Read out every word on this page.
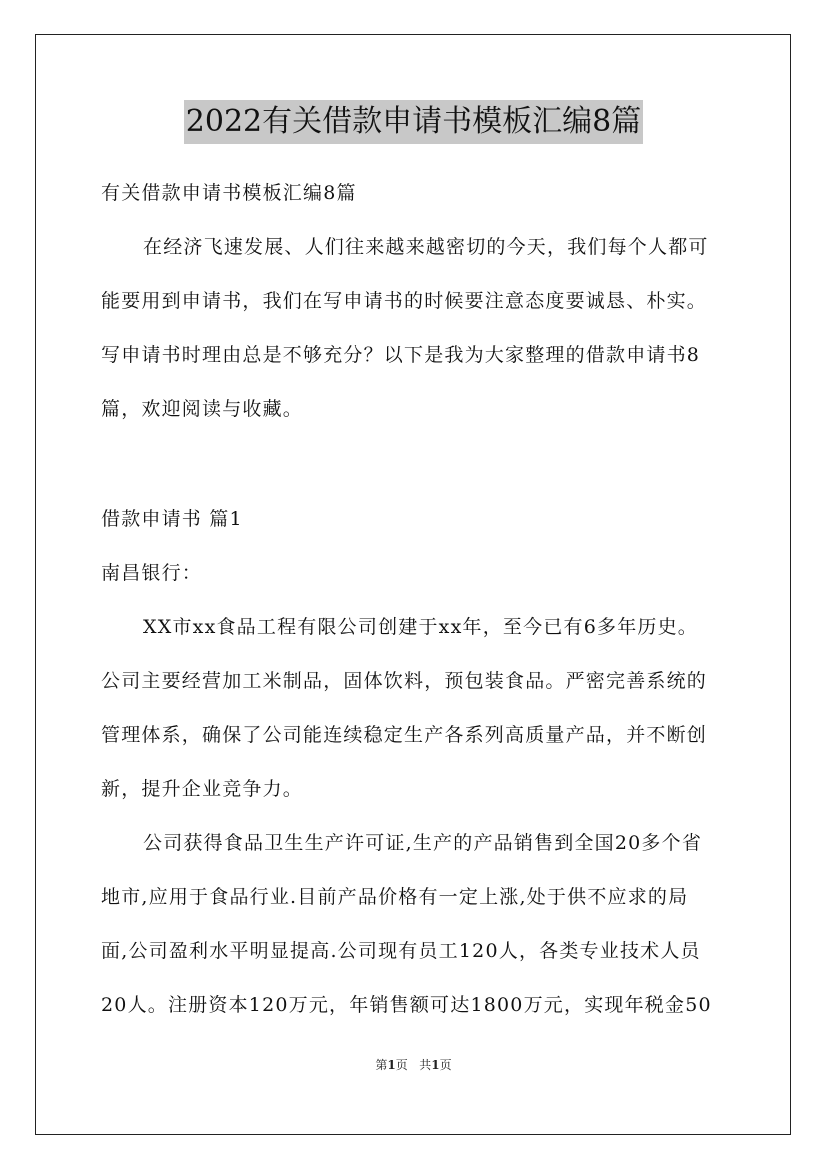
2022有关借款申请书模板汇编8篇
有关借款申请书模板汇编8篇
在经济飞速发展、人们往来越来越密切的今天，我们每个人都可
能要用到申请书，我们在写申请书的时候要注意态度要诚恳、朴实。
写申请书时理由总是不够充分？以下是我为大家整理的借款申请书8
篇，欢迎阅读与收藏。
借款申请书 篇1
南昌银行：
XX市xx食品工程有限公司创建于xx年，至今已有6多年历史。
公司主要经营加工米制品，固体饮料，预包装食品。严密完善系统的
管理体系，确保了公司能连续稳定生产各系列高质量产品，并不断创
新，提升企业竞争力。
公司获得食品卫生生产许可证,生产的产品销售到全国20多个省
地市,应用于食品行业.目前产品价格有一定上涨,处于供不应求的局
面,公司盈利水平明显提高.公司现有员工120人，各类专业技术人员
20人。注册资本120万元，年销售额可达1800万元，实现年税金50
第1页 共1页
